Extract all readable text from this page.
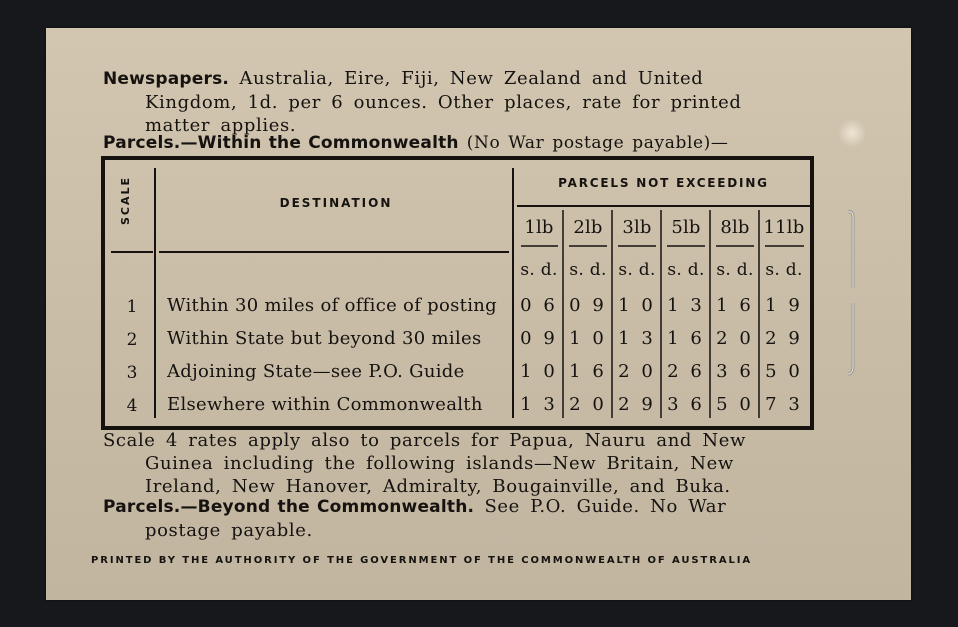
Newspapers. Australia, Eire, Fiji, New Zealand and United
Kingdom, 1d. per 6 ounces. Other places, rate for printed
matter applies.

Parcels.—Within the Commonwealth (No War postage payable)—

SCALE	DESTINATION
PARCELS NOT EXCEEDING
1lb	2lb	3lb	5lb	8lb 11lb
s. d. s. d. s. d. s. d. s. d. s. d.
1	Within 30 miles of office of posting 0 6 0 9 1 0 1 3 1 6 1 9
2	Within State but beyond 30 miles 0 9 1 0 1 3 1 6 2 0 2 9
3	Adjoining State—see P.O. Guide	1 0 1 6 2 0 2 6 3 6 5 0
4	Elsewhere within Commonwealth 1 3 2 0 2 9 3 6 5 0 7 3

Scale 4 rates apply also to parcels for Papua, Nauru and New
Guinea including the following islands—New Britain, New
Ireland, New Hanover, Admiralty, Bougainville, and Buka.

Parcels.—Beyond the Commonwealth. See P.O. Guide. No War
postage payable.

PRINTED BY THE AUTHORITY OF THE GOVERNMENT OF THE COMMONWEALTH OF AUSTRALIA
